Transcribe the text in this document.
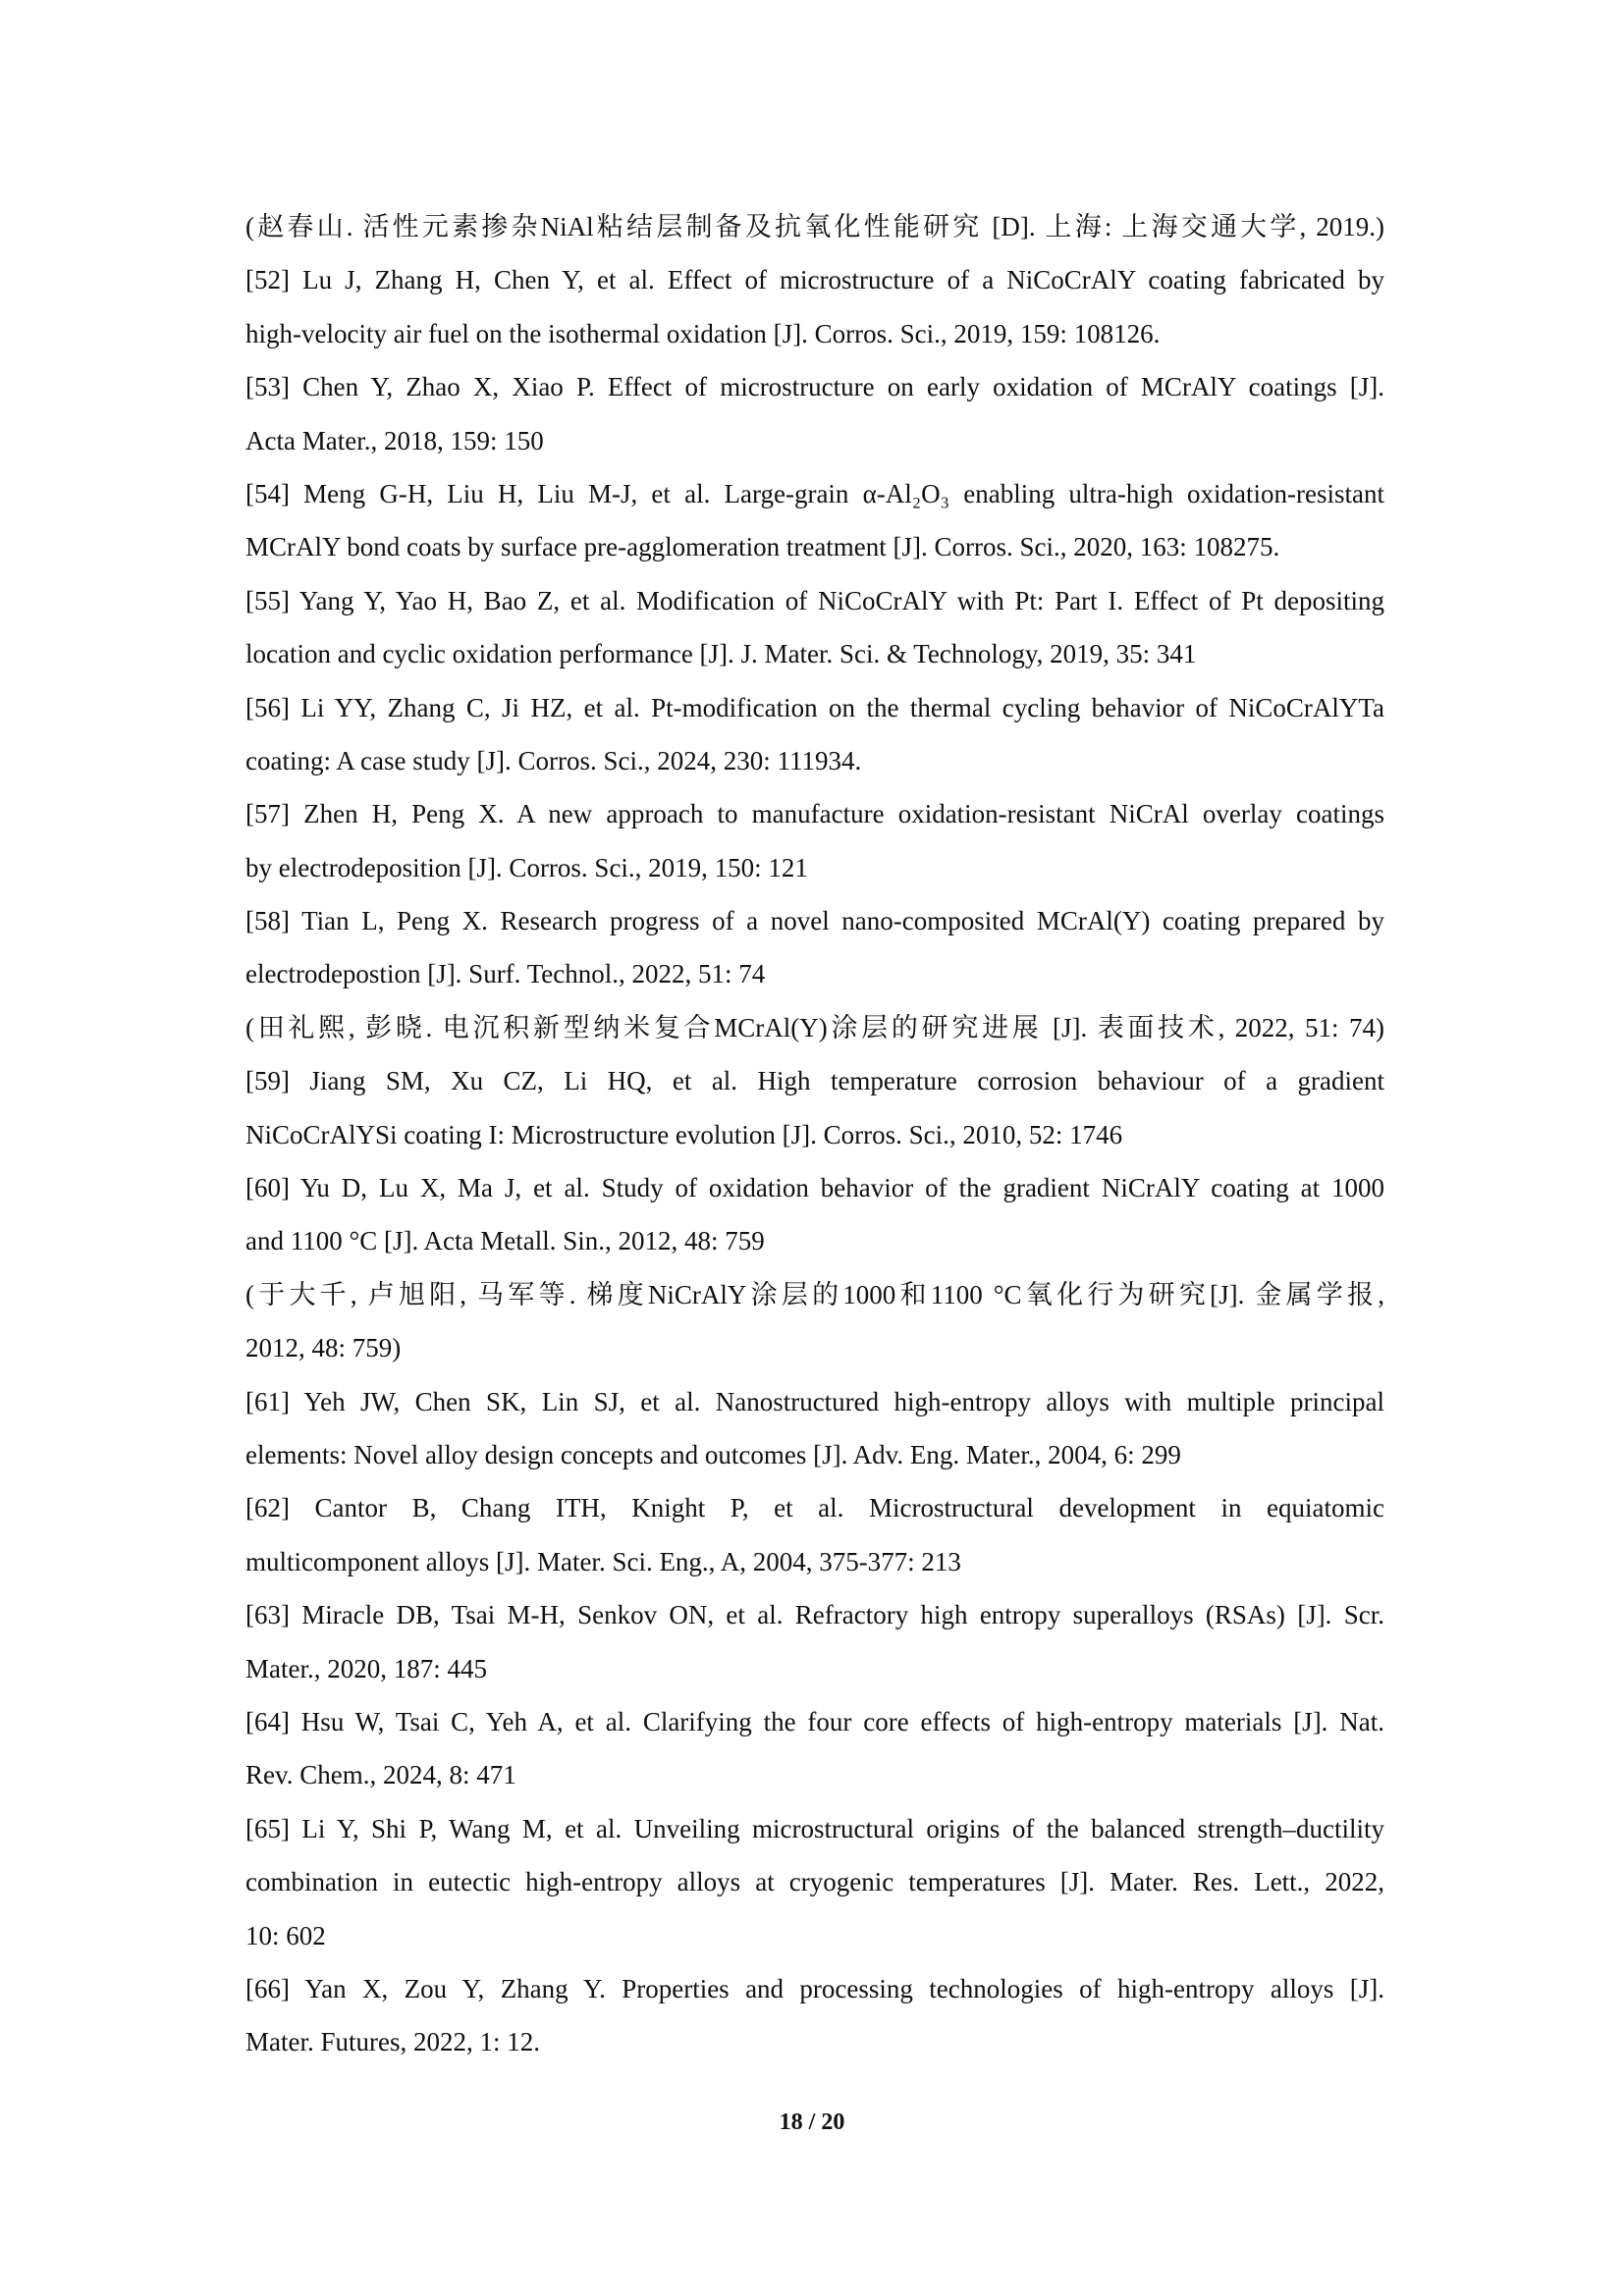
(赵春山. 活性元素掺杂NiAl粘结层制备及抗氧化性能研究 [D]. 上海: 上海交通大学, 2019.)
[52] Lu J, Zhang H, Chen Y, et al. Effect of microstructure of a NiCoCrAlY coating fabricated by
high-velocity air fuel on the isothermal oxidation [J]. Corros. Sci., 2019, 159: 108126.
[53] Chen Y, Zhao X, Xiao P. Effect of microstructure on early oxidation of MCrAlY coatings [J].
Acta Mater., 2018, 159: 150
[54] Meng G-H, Liu H, Liu M-J, et al. Large-grain α-Al₂O₃ enabling ultra-high oxidation-resistant
MCrAlY bond coats by surface pre-agglomeration treatment [J]. Corros. Sci., 2020, 163: 108275.
[55] Yang Y, Yao H, Bao Z, et al. Modification of NiCoCrAlY with Pt: Part I. Effect of Pt depositing
location and cyclic oxidation performance [J]. J. Mater. Sci. & Technology, 2019, 35: 341
[56] Li YY, Zhang C, Ji HZ, et al. Pt-modification on the thermal cycling behavior of NiCoCrAlYTa
coating: A case study [J]. Corros. Sci., 2024, 230: 111934.
[57] Zhen H, Peng X. A new approach to manufacture oxidation-resistant NiCrAl overlay coatings
by electrodeposition [J]. Corros. Sci., 2019, 150: 121
[58] Tian L, Peng X. Research progress of a novel nano-composited MCrAl(Y) coating prepared by
electrodepostion [J]. Surf. Technol., 2022, 51: 74
(田礼熙, 彭晓. 电沉积新型纳米复合MCrAl(Y)涂层的研究进展 [J]. 表面技术, 2022, 51: 74)
[59] Jiang SM, Xu CZ, Li HQ, et al. High temperature corrosion behaviour of a gradient
NiCoCrAlYSi coating I: Microstructure evolution [J]. Corros. Sci., 2010, 52: 1746
[60] Yu D, Lu X, Ma J, et al. Study of oxidation behavior of the gradient NiCrAlY coating at 1000
and 1100 °C [J]. Acta Metall. Sin., 2012, 48: 759
(于大千, 卢旭阳, 马军等. 梯度NiCrAlY涂层的1000和1100 °C氧化行为研究[J]. 金属学报,
2012, 48: 759)
[61] Yeh JW, Chen SK, Lin SJ, et al. Nanostructured high-entropy alloys with multiple principal
elements: Novel alloy design concepts and outcomes [J]. Adv. Eng. Mater., 2004, 6: 299
[62] Cantor B, Chang ITH, Knight P, et al. Microstructural development in equiatomic
multicomponent alloys [J]. Mater. Sci. Eng., A, 2004, 375-377: 213
[63] Miracle DB, Tsai M-H, Senkov ON, et al. Refractory high entropy superalloys (RSAs) [J]. Scr.
Mater., 2020, 187: 445
[64] Hsu W, Tsai C, Yeh A, et al. Clarifying the four core effects of high-entropy materials [J]. Nat.
Rev. Chem., 2024, 8: 471
[65] Li Y, Shi P, Wang M, et al. Unveiling microstructural origins of the balanced strength–ductility
combination in eutectic high-entropy alloys at cryogenic temperatures [J]. Mater. Res. Lett., 2022,
10: 602
[66] Yan X, Zou Y, Zhang Y. Properties and processing technologies of high-entropy alloys [J].
Mater. Futures, 2022, 1: 12.
18 / 20
